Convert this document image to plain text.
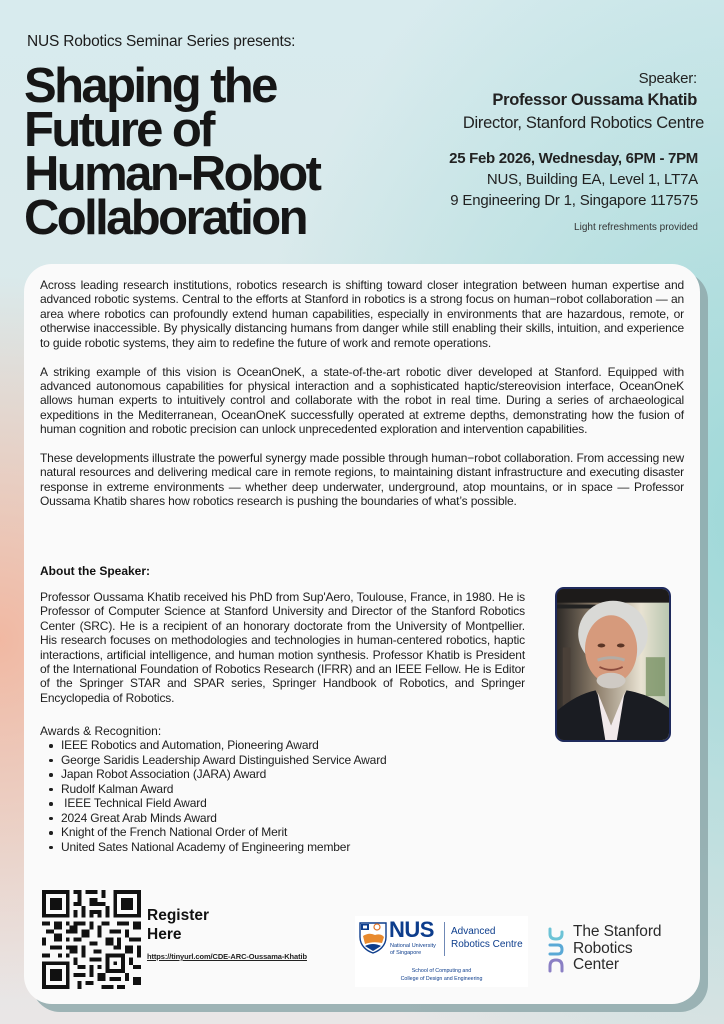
NUS Robotics Seminar Series presents:
Shaping the
Future of
Human-Robot
Collaboration
Speaker:
Professor Oussama Khatib
Director, Stanford Robotics Centre
25 Feb 2026, Wednesday, 6PM - 7PM
NUS, Building EA, Level 1, LT7A
9 Engineering Dr 1, Singapore 117575
Light refreshments provided

Across leading research institutions, robotics research is shifting toward closer integration between human expertise and advanced robotic systems. Central to the efforts at Stanford in robotics is a strong focus on human−robot collaboration — an area where robotics can profoundly extend human capabilities, especially in environments that are hazardous, remote, or otherwise inaccessible. By physically distancing humans from danger while still enabling their skills, intuition, and experience to guide robotic systems, they aim to redefine the future of work and remote operations.

A striking example of this vision is OceanOneK, a state-of-the-art robotic diver developed at Stanford. Equipped with advanced autonomous capabilities for physical interaction and a sophisticated haptic/stereovision interface, OceanOneK allows human experts to intuitively control and collaborate with the robot in real time. During a series of archaeological expeditions in the Mediterranean, OceanOneK successfully operated at extreme depths, demonstrating how the fusion of human cognition and robotic precision can unlock unprecedented exploration and intervention capabilities.

These developments illustrate the powerful synergy made possible through human−robot collaboration. From accessing new natural resources and delivering medical care in remote regions, to maintaining distant infrastructure and executing disaster response in extreme environments — whether deep underwater, underground, atop mountains, or in space — Professor Oussama Khatib shares how robotics research is pushing the boundaries of what’s possible.

About the Speaker:

Professor Oussama Khatib received his PhD from Sup'Aero, Toulouse, France, in 1980. He is Professor of Computer Science at Stanford University and Director of the Stanford Robotics Center (SRC). He is a recipient of an honorary doctorate from the University of Montpellier. His research focuses on methodologies and technologies in human-centered robotics, haptic interactions, artificial intelligence, and human motion synthesis. Professor Khatib is President of the International Foundation of Robotics Research (IFRR) and an IEEE Fellow. He is Editor of the Springer STAR and SPAR series, Springer Handbook of Robotics, and Springer Encyclopedia of Robotics.

Awards & Recognition:
IEEE Robotics and Automation, Pioneering Award
George Saridis Leadership Award Distinguished Service Award
Japan Robot Association (JARA) Award
Rudolf Kalman Award
IEEE Technical Field Award
2024 Great Arab Minds Award
Knight of the French National Order of Merit
United Sates National Academy of Engineering member
Register
Here
https://tinyurl.com/CDE-ARC-Oussama-Khatib
NUS
National University
of Singapore
Advanced
Robotics Centre
School of Computing and
College of Design and Engineering
The Stanford
Robotics
Center
